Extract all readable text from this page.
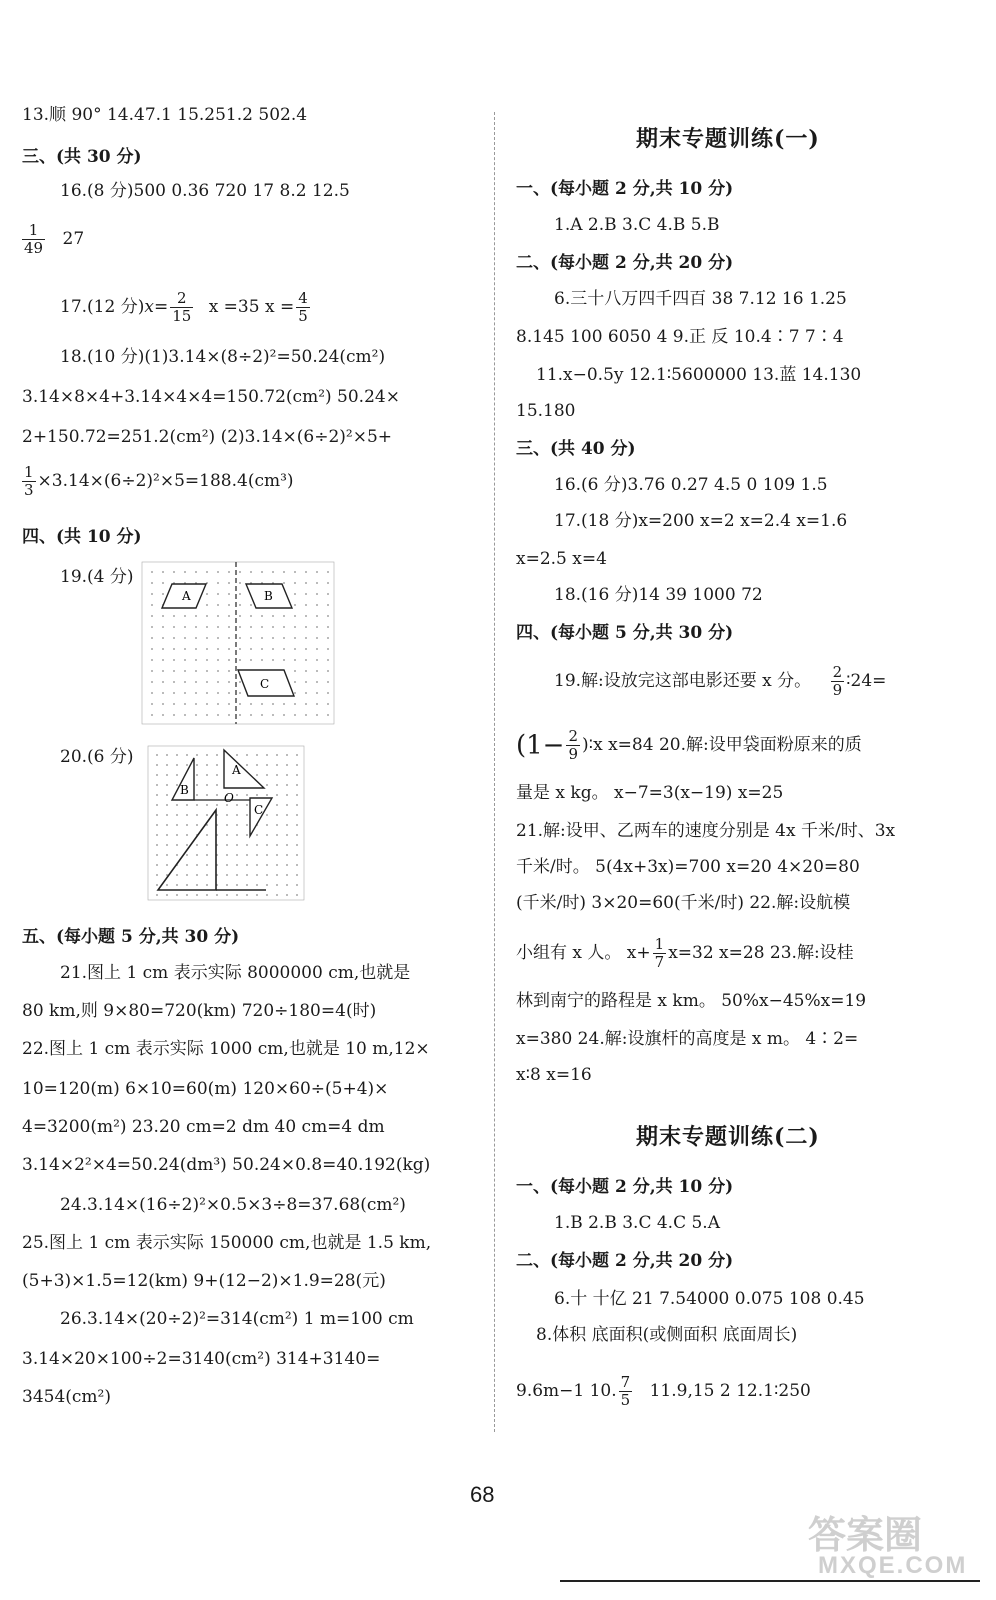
13.顺 90° 14.47.1 15.251.2 502.4
三、(共 30 分)
16.(8 分)500 0.36 720 17 8.2 12.5
$\frac{1}{49} 27$
17.(12 分)$x= \frac{2}{15}$ x =35 $x = \frac{4}{5}$
18.(10 分)(1)3.14×(8÷2)²=50.24(cm²)
3.14×8×4+3.14×4×4=150.72(cm²) 50.24×
2+150.72=251.2(cm²) (2)3.14×(6÷2)²×5+
$\frac{1}{3} \times 3.14\times(6\div 2)^2\times 5=188.4(cm^3)$
四、(共 10 分)
19.(4 分)
A	B
C
20.(6 分)
A
B
C
O
五、(每小题 5 分,共 30 分)
21.图上 1 cm 表示实际 8000000 cm,也就是
80 km,则 9×80=720(km) 720÷180=4(时)
22.图上 1 cm 表示实际 1000 cm,也就是 10 m,12×
10=120(m) 6×10=60(m) 120×60÷(5+4)×
4=3200(m²) 23.20 cm=2 dm 40 cm=4 dm
3.14×2²×4=50.24(dm³) 50.24×0.8=40.192(kg)
24.3.14×(16÷2)²×0.5×3÷8=37.68(cm²)
25.图上 1 cm 表示实际 150000 cm,也就是 1.5 km,
(5+3)×1.5=12(km) 9+(12−2)×1.9=28(元)
26.3.14×(20÷2)²=314(cm²) 1 m=100 cm
3.14×20×100÷2=3140(cm²) 314+3140=
3454(cm²)
期末专题训练(一)
一、(每小题 2 分,共 10 分)
1.A 2.B 3.C 4.B 5.B
二、(每小题 2 分,共 20 分)
6.三十八万四千四百 38 7.12 16 1.25
8.145 100 6050 4 9.正 反 10.4∶7 7∶4
11.x−0.5y 12.1∶5600000 13.蓝 14.130
15.180
三、(共 40 分)
16.(6 分)3.76 0.27 4.5 0 109 1.5
17.(18 分)x=200 x=2 x=2.4 x=1.6
x=2.5 x=4
18.(16 分)14 39 1000 72
四、(每小题 5 分,共 30 分)
19.解:设放完这部电影还要 x 分。 $\frac{2}{9}$ ∶24=
($1- \frac{2}{9}$ )∶x x=84 20.解:设甲袋面粉原来的质
量是 x kg。 x−7=3(x−19) x=25
21.解:设甲、乙两车的速度分别是 4x 千米/时、3x
千米/时。 5(4x+3x)=700 x=20 4×20=80
(千米/时) 3×20=60(千米/时) 22.解:设航模
小组有 x 人。 $x+ \frac{1}{7} x=32$ x=28 23.解:设桂
林到南宁的路程是 x km。 50%x−45%x=19
x=380 24.解:设旗杆的高度是 x m。 4∶2=
x∶8 x=16
期末专题训练(二)
一、(每小题 2 分,共 10 分)
1.B 2.B 3.C 4.C 5.A
二、(每小题 2 分,共 20 分)
6.十 十亿 21 7.54000 0.075 108 0.45
8.体积 底面积(或侧面积 底面周长)
9.6m−1 10. $\frac{7}{5} 11.9,15$ 2 12.1∶250
68
答案圈
MXQE.COM
